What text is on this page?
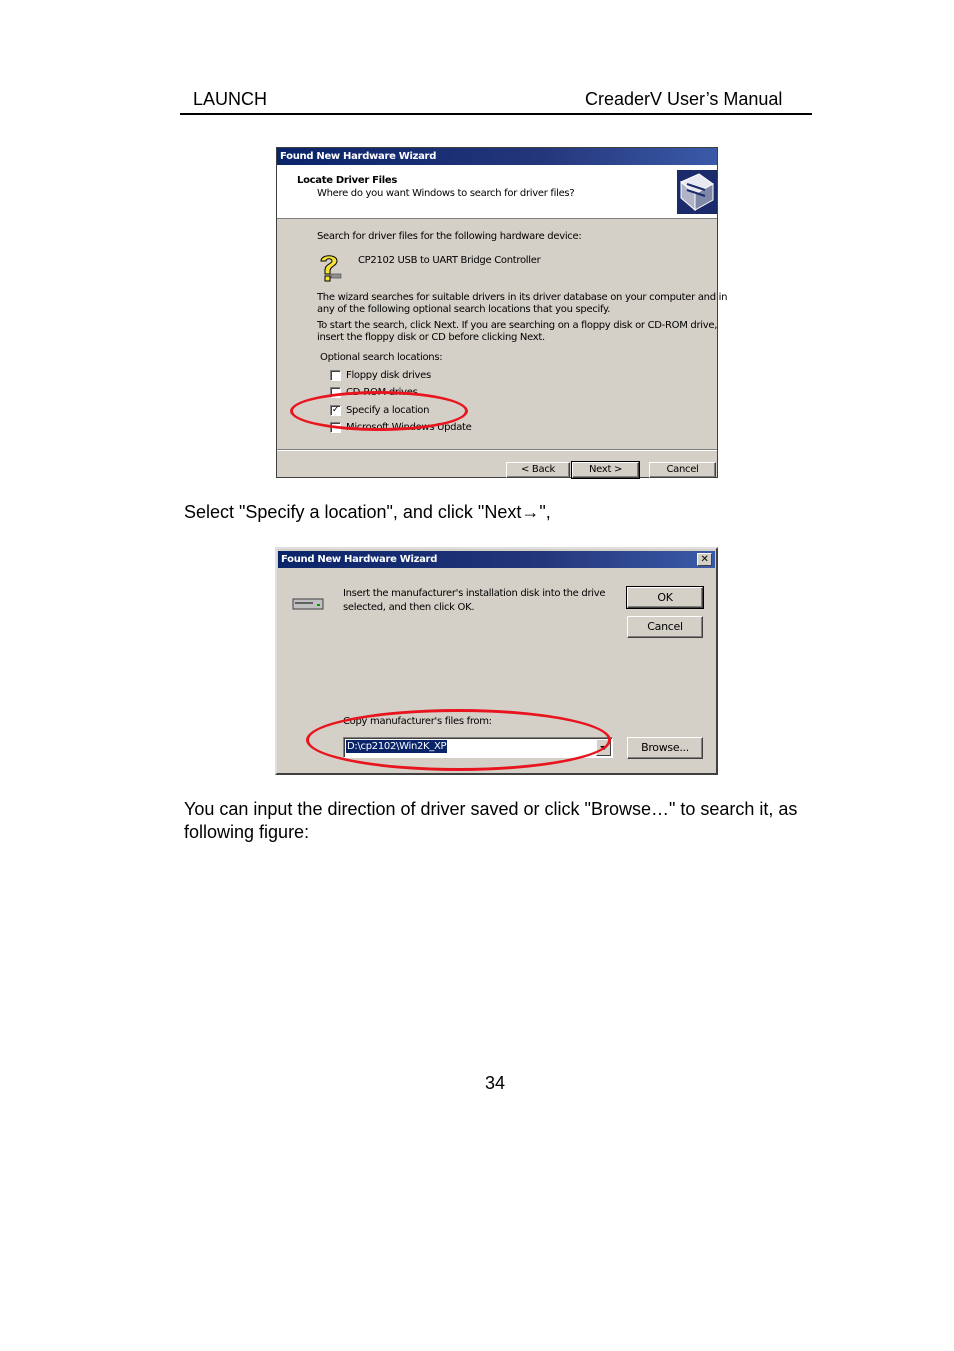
LAUNCH	CreaderV User’s Manual
Found New Hardware Wizard
Locate Driver Files
Where do you want Windows to search for driver files?
Search for driver files for the following hardware device:
CP2102 USB to UART Bridge Controller
The wizard searches for suitable drivers in its driver database on your computer and in
any of the following optional search locations that you specify.
To start the search, click Next. If you are searching on a floppy disk or CD-ROM drive,
insert the floppy disk or CD before clicking Next.
Optional search locations:
Floppy disk drives
CD-ROM drives
✓ Specify a location
Microsoft Windows Update
< Back	Next >	Cancel
Select "Specify a location", and click "Next→",
Found New Hardware Wizard	✕
Insert the manufacturer's installation disk into the drive
selected, and then click OK.
OK
Cancel
Copy manufacturer's files from:
D:\cp2102\Win2K_XP	Browse...
You can input the direction of driver saved or click "Browse…" to search it, as following figure:
34
